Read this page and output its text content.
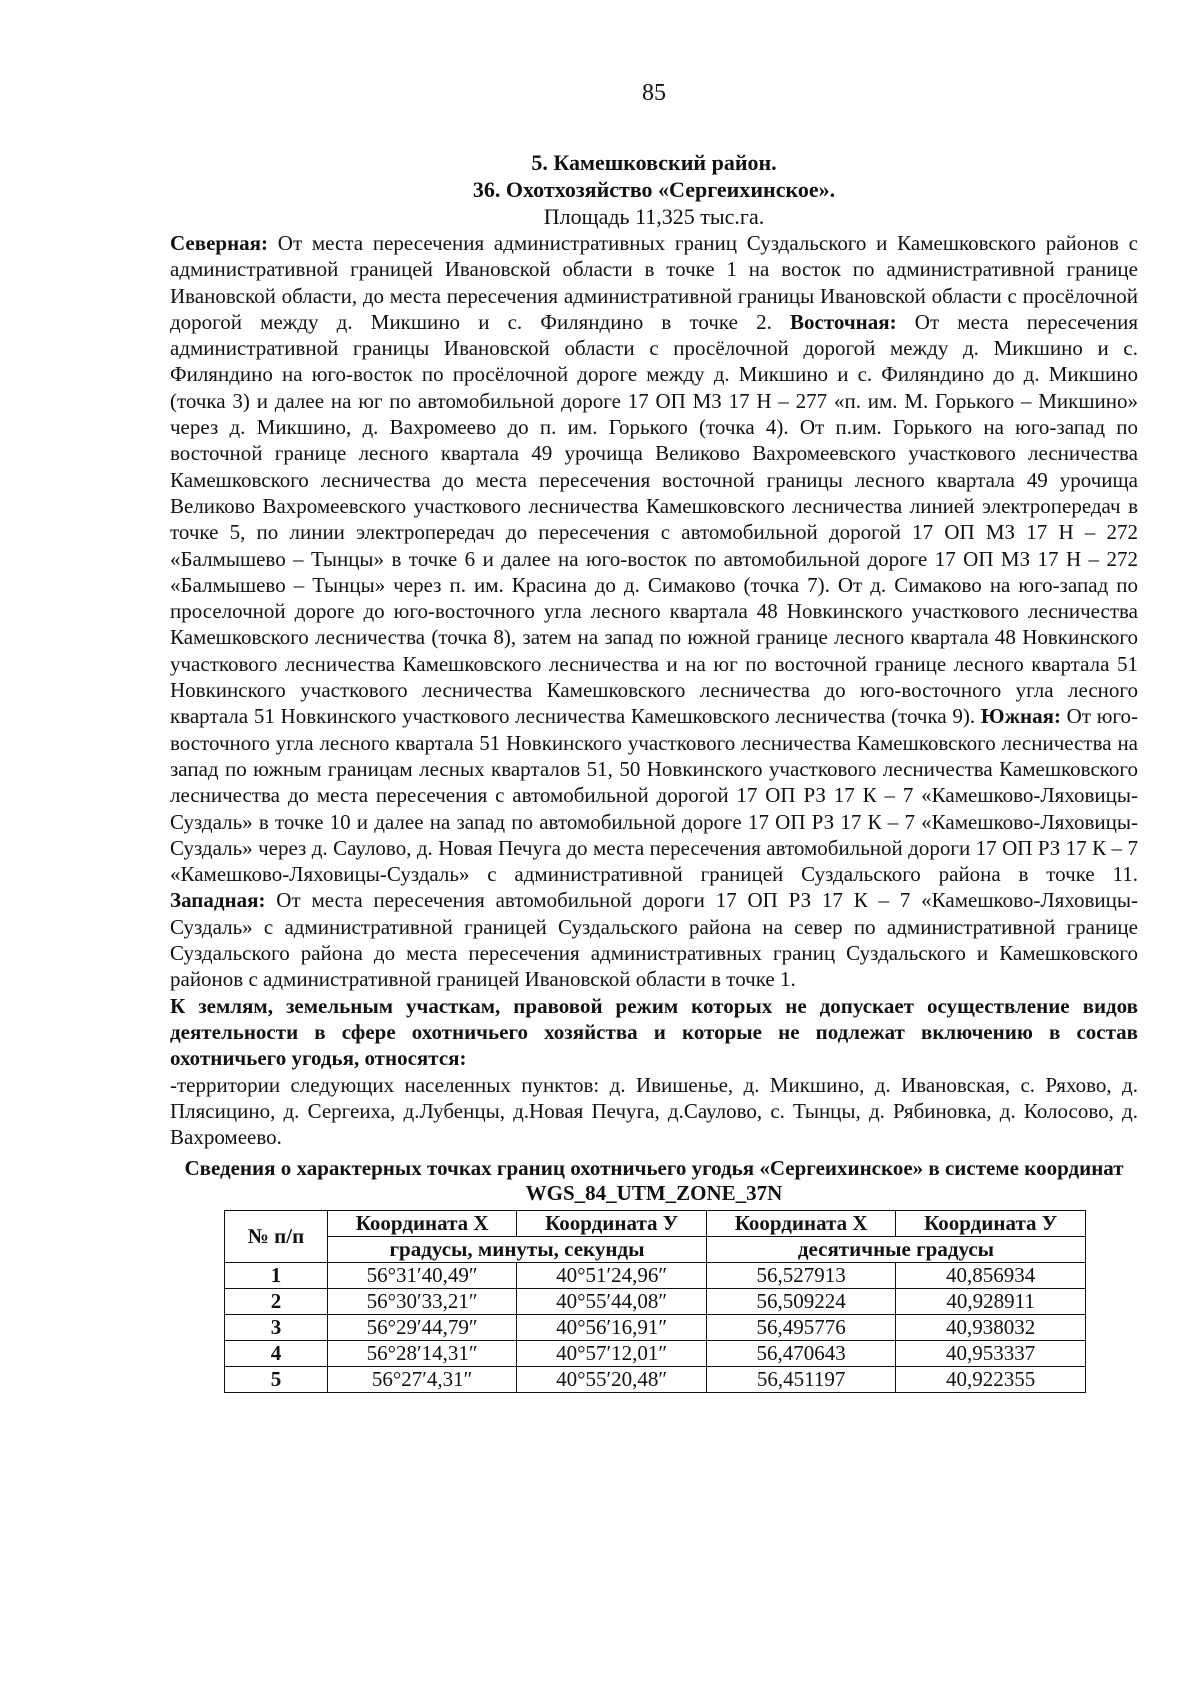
85
5. Камешковский район.
36. Охотхозяйство «Сергеихинское».
Площадь 11,325 тыс.га.

Северная: От места пересечения административных границ Суздальского и Камешковского районов с административной границей Ивановской области в точке 1 на восток по административной границе Ивановской области, до места пересечения административной границы Ивановской области с просёлочной дорогой между д. Микшино и с. Филяндино в точке 2. Восточная: От места пересечения административной границы Ивановской области с просёлочной дорогой между д. Микшино и с. Филяндино на юго-восток по просёлочной дороге между д. Микшино и с. Филяндино до д. Микшино (точка 3) и далее на юг по автомобильной дороге 17 ОП МЗ 17 Н – 277 «п. им. М. Горького – Микшино» через д. Микшино, д. Вахромеево до п. им. Горького (точка 4). От п.им. Горького на юго-запад по восточной границе лесного квартала 49 урочища Великово Вахромеевского участкового лесничества Камешковского лесничества до места пересечения восточной границы лесного квартала 49 урочища Великово Вахромеевского участкового лесничества Камешковского лесничества линией электропередач в точке 5, по линии электропередач до пересечения с автомобильной дорогой 17 ОП МЗ 17 Н – 272 «Балмышево – Тынцы» в точке 6 и далее на юго-восток по автомобильной дороге 17 ОП МЗ 17 Н – 272 «Балмышево – Тынцы» через п. им. Красина до д. Симаково (точка 7). От д. Симаково на юго-запад по проселочной дороге до юго-восточного угла лесного квартала 48 Новкинского участкового лесничества Камешковского лесничества (точка 8), затем на запад по южной границе лесного квартала 48 Новкинского участкового лесничества Камешковского лесничества и на юг по восточной границе лесного квартала 51 Новкинского участкового лесничества Камешковского лесничества до юго-восточного угла лесного квартала 51 Новкинского участкового лесничества Камешковского лесничества (точка 9). Южная: От юго-восточного угла лесного квартала 51 Новкинского участкового лесничества Камешковского лесничества на запад по южным границам лесных кварталов 51, 50 Новкинского участкового лесничества Камешковского лесничества до места пересечения с автомобильной дорогой 17 ОП РЗ 17 К – 7 «Камешково-Ляховицы-Суздаль» в точке 10 и далее на запад по автомобильной дороге 17 ОП РЗ 17 К – 7 «Камешково-Ляховицы-Суздаль» через д. Саулово, д. Новая Печуга до места пересечения автомобильной дороги 17 ОП РЗ 17 К – 7 «Камешково-Ляховицы-Суздаль» с административной границей Суздальского района в точке 11. Западная: От места пересечения автомобильной дороги 17 ОП РЗ 17 К – 7 «Камешково-Ляховицы-Суздаль» с административной границей Суздальского района на север по административной границе Суздальского района до места пересечения административных границ Суздальского и Камешковского районов с административной границей Ивановской области в точке 1.

К землям, земельным участкам, правовой режим которых не допускает осуществление видов деятельности в сфере охотничьего хозяйства и которые не подлежат включению в состав охотничьего угодья, относятся:

-территории следующих населенных пунктов: д. Ивишенье, д. Микшино, д. Ивановская, с. Ряхово, д. Плясицино, д. Сергеиха, д.Лубенцы, д.Новая Печуга, д.Саулово, с. Тынцы, д. Рябиновка, д. Колосово, д. Вахромеево.

Сведения о характерных точках границ охотничьего угодья «Сергеихинское» в системе координат WGS_84_UTM_ZONE_37N
№ п/п	Координата X	Координата У	Координата X	Координата У
	градусы, минуты, секунды		десятичные градусы	
1	56°31′40,49″	40°51′24,96″	56,527913	40,856934
2	56°30′33,21″	40°55′44,08″	56,509224	40,928911
3	56°29′44,79″	40°56′16,91″	56,495776	40,938032
4	56°28′14,31″	40°57′12,01″	56,470643	40,953337
5	56°27′4,31″	40°55′20,48″	56,451197	40,922355
